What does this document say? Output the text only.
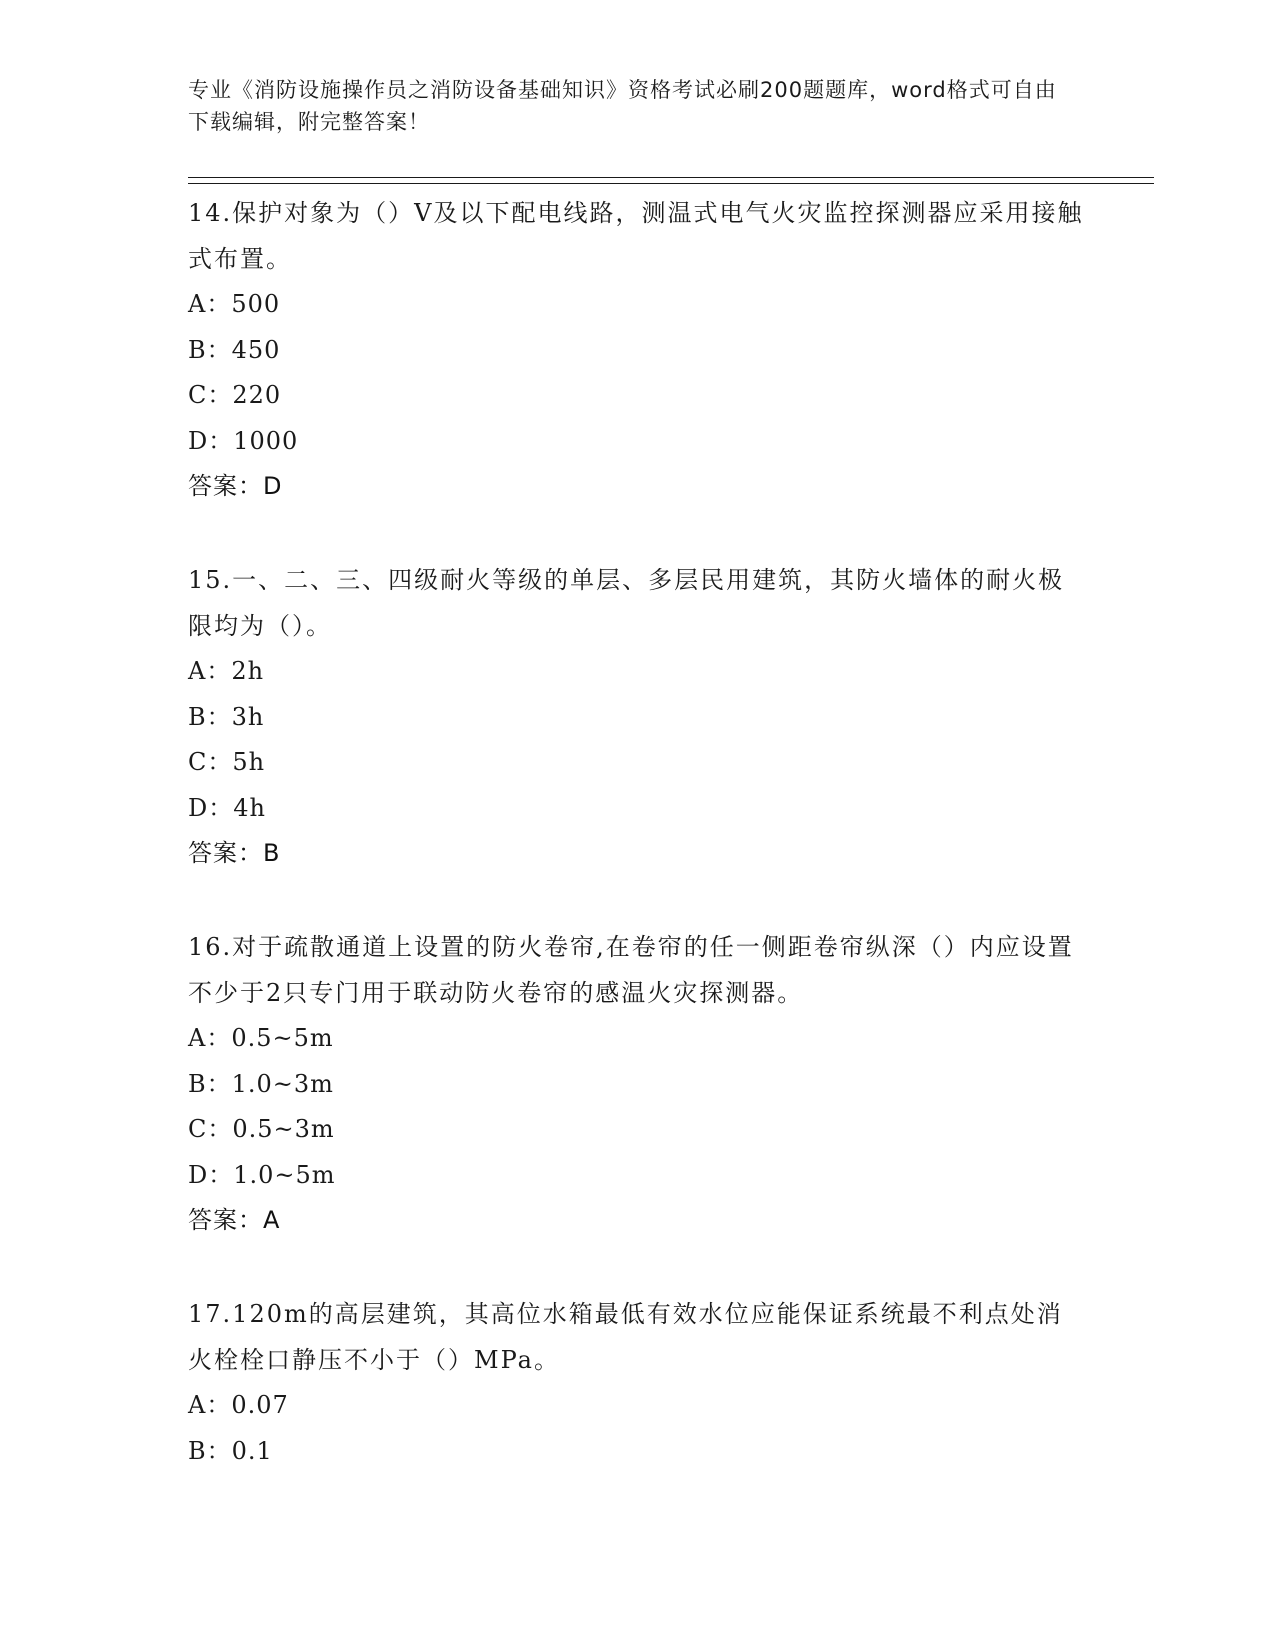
专业《消防设施操作员之消防设备基础知识》资格考试必刷200题题库，word格式可自由下载编辑，附完整答案！
14.保护对象为（）V及以下配电线路，测温式电气火灾监控探测器应采用接触式布置。
A：500
B：450
C：220
D：1000
答案：D
15.一、二、三、四级耐火等级的单层、多层民用建筑，其防火墙体的耐火极限均为（）。
A：2h
B：3h
C：5h
D：4h
答案：B
16.对于疏散通道上设置的防火卷帘,在卷帘的任一侧距卷帘纵深（）内应设置不少于2只专门用于联动防火卷帘的感温火灾探测器。
A：0.5~5m
B：1.0~3m
C：0.5~3m
D：1.0~5m
答案：A
17.120m的高层建筑，其高位水箱最低有效水位应能保证系统最不利点处消火栓栓口静压不小于（）MPa。
A：0.07
B：0.1
